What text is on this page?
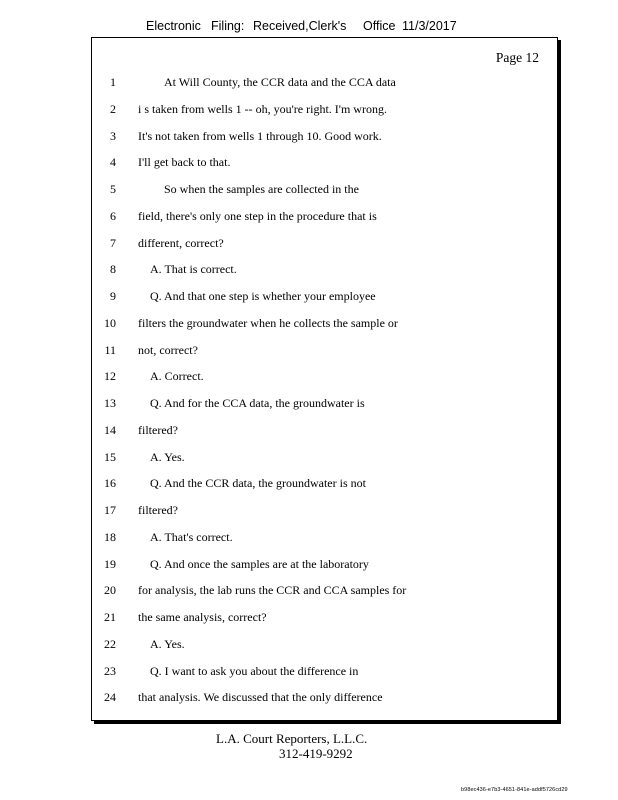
Electronic Filing: Received,Clerk's Office 11/3/2017
Page 12
1	At Will County, the CCR data and the CCA data
2 i s taken from wells 1 -- oh, you're right. I'm wrong.
3 It's not taken from wells 1 through 10. Good work.
4 I'll get back to that.
5	So when the samples are collected in the
6 field, there's only one step in the procedure that is
7 different, correct?
8	A. That is correct.
9	Q. And that one step is whether your employee
10 filters the groundwater when he collects the sample or
11 not, correct?
12	A. Correct.
13	Q. And for the CCA data, the groundwater is
14 filtered?
15	A. Yes.
16	Q. And the CCR data, the groundwater is not
17 filtered?
18	A. That's correct.
19	Q. And once the samples are at the laboratory
20 for analysis, the lab runs the CCR and CCA samples for
21 the same analysis, correct?
22	A. Yes.
23	Q. I want to ask you about the difference in
24 that analysis. We discussed that the only difference
L.A. Court Reporters, L.L.C.
312-419-9292
b98ec436-e7b3-4651-841e-addf5726cd29
